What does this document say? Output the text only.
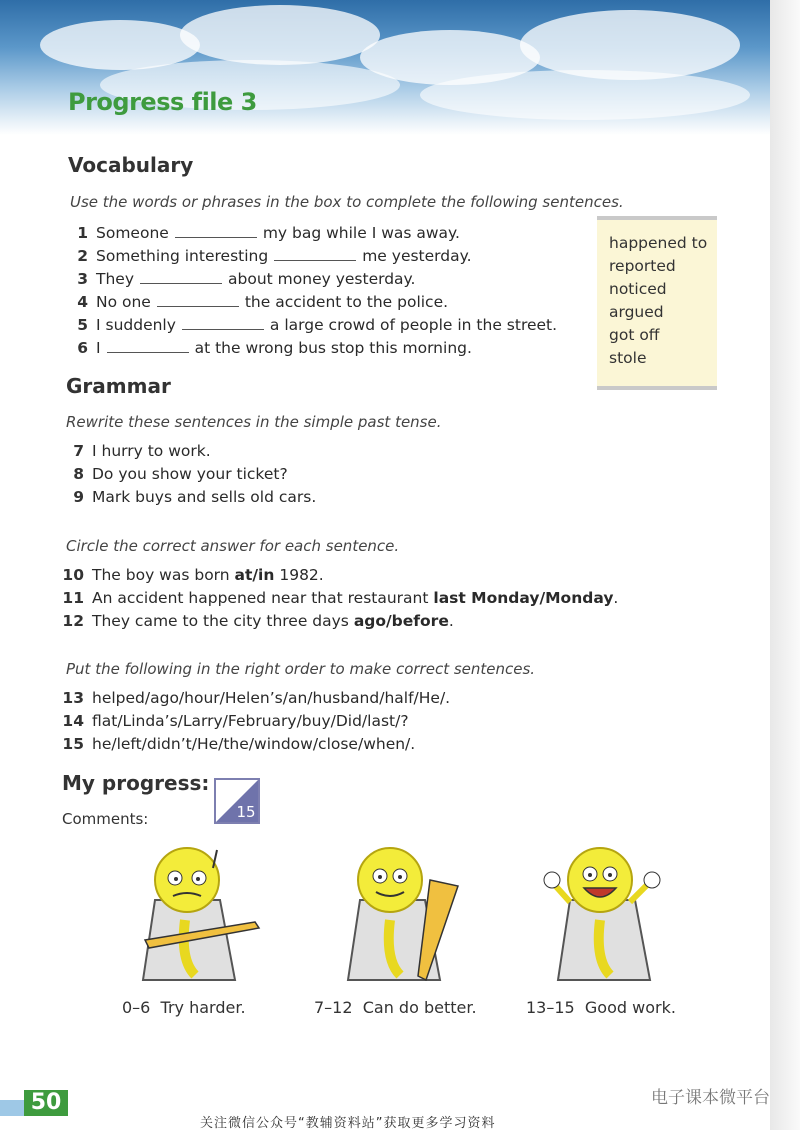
Progress file 3
Vocabulary
Use the words or phrases in the box to complete the following sentences.
1 Someone	my bag while I was away.
2 Something interesting	me yesterday.
3 They	about money yesterday.
4 No one	the accident to the police.
5 I suddenly	a large crowd of people in the street.
6 I	at the wrong bus stop this morning.
happened to
reported
noticed
argued
got off
stole
Grammar
Rewrite these sentences in the simple past tense.
7 I hurry to work.
8 Do you show your ticket?
9 Mark buys and sells old cars.
Circle the correct answer for each sentence.
10 The boy was born at/in 1982.
11 An accident happened near that restaurant last Monday/Monday.
12 They came to the city three days ago/before.
Put the following in the right order to make correct sentences.
13 helped/ago/hour/Helen’s/an/husband/half/He/.
14 flat/Linda’s/Larry/February/buy/Did/last/?
15 he/left/didn’t/He/the/window/close/when/.
My progress:
15
Comments:
0–6 Try harder.	7–12 Can do better.	13–15 Good work.
50	电子课本微平台
关注微信公众号“教辅资料站”获取更多学习资料
